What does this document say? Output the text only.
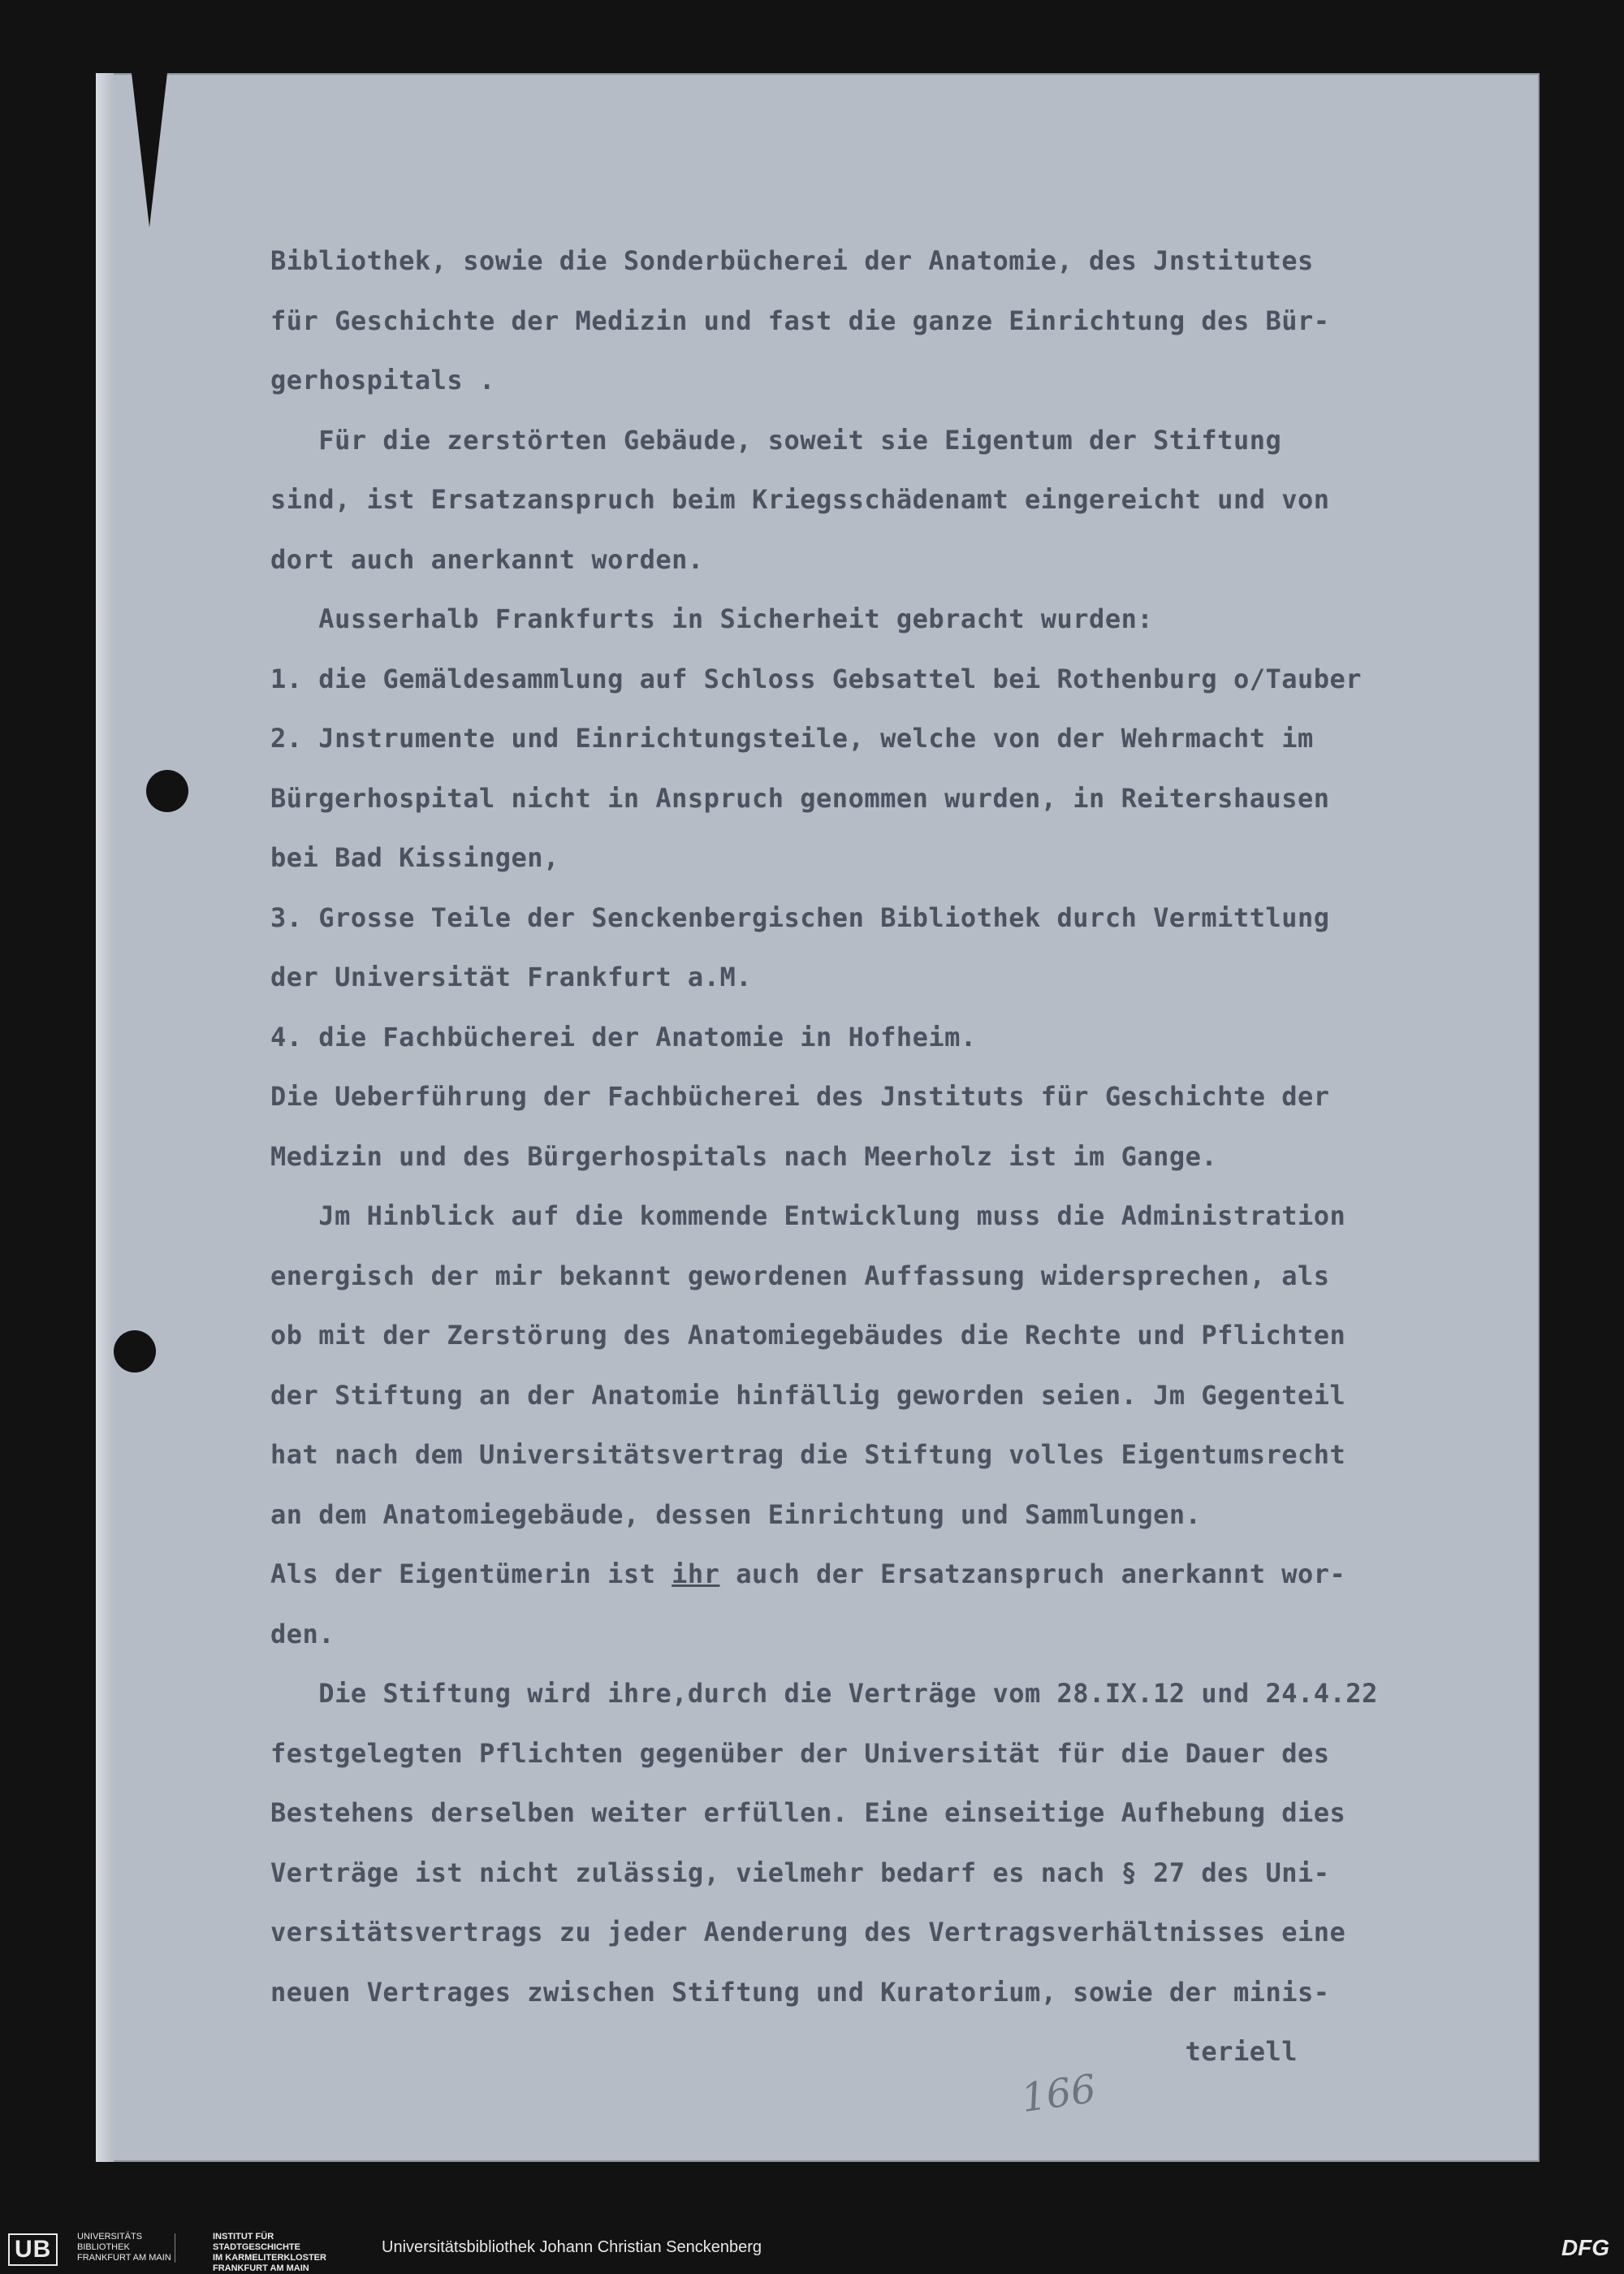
Bibliothek, sowie die Sonderbücherei der Anatomie, des Jnstitutes
für Geschichte der Medizin und fast die ganze Einrichtung des Bür-
gerhospitals .
Für die zerstörten Gebäude, soweit sie Eigentum der Stiftung
sind, ist Ersatzanspruch beim Kriegsschädenamt eingereicht und von
dort auch anerkannt worden.
Ausserhalb Frankfurts in Sicherheit gebracht wurden:
1. die Gemäldesammlung auf Schloss Gebsattel bei Rothenburg o/Tauber
2. Jnstrumente und Einrichtungsteile, welche von der Wehrmacht im
Bürgerhospital nicht in Anspruch genommen wurden, in Reitershausen
bei Bad Kissingen,
3. Grosse Teile der Senckenbergischen Bibliothek durch Vermittlung
der Universität Frankfurt a.M.
4. die Fachbücherei der Anatomie in Hofheim.
Die Ueberführung der Fachbücherei des Jnstituts für Geschichte der
Medizin und des Bürgerhospitals nach Meerholz ist im Gange.
Jm Hinblick auf die kommende Entwicklung muss die Administration
energisch der mir bekannt gewordenen Auffassung widersprechen, als
ob mit der Zerstörung des Anatomiegebäudes die Rechte und Pflichten
der Stiftung an der Anatomie hinfällig geworden seien. Jm Gegenteil
hat nach dem Universitätsvertrag die Stiftung volles Eigentumsrecht
an dem Anatomiegebäude, dessen Einrichtung und Sammlungen.
Als der Eigentümerin ist ihr auch der Ersatzanspruch anerkannt wor-
den.
Die Stiftung wird ihre,durch die Verträge vom 28.IX.12 und 24.4.22
festgelegten Pflichten gegenüber der Universität für die Dauer des
Bestehens derselben weiter erfüllen. Eine einseitige Aufhebung dies
Verträge ist nicht zulässig, vielmehr bedarf es nach § 27 des Uni-
versitätsvertrags zu jeder Aenderung des Vertragsverhältnisses eine
neuen Vertrages zwischen Stiftung und Kuratorium, sowie der minis-
teriell
166
UB	UNIVERSITÄTS
BIBLIOTHEK
FRANKFURT AM MAIN
INSTITUT FÜR
STADTGESCHICHTE
IM KARMELITERKLOSTER
FRANKFURT AM MAIN
Universitätsbibliothek Johann Christian Senckenberg	DFG
